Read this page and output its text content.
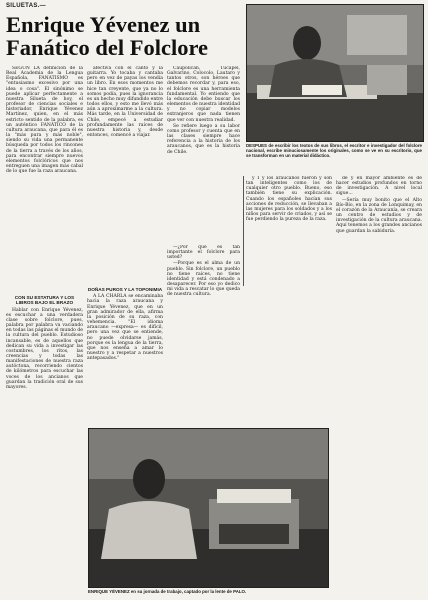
SILUETAS.—
Enrique Yévenez un Fanático del Folclore

SEGUN LA definición de la Real Academia de la Lengua Española, FANATISMO es "entusiasmo excesivo por una idea o cosa". El sinónimo se puede aplicar perfectamente a nuestra Silueta de hoy, el profesor de ciencias sociales e historiador, Enrique Yévenez Martínez, quien, en el más estricto sentido de la palabra, es un auténtico FANÁTICO de la cultura araucana, que para él es la "más pura y más noble", siendo su vida una permanente búsqueda por todos los rincones de la tierra a través de los años, para encontrar siempre nuevos elementos folclóricos que nos entreguen una imagen más cabal de lo que fue la raza araucana.

CON SU ESTATURA Y LOS LIBROS BAJO EL BRAZO

Hablar con Enrique Yévenez, es escuchar a una verdadera clase sobre folclore, pues, palabra por palabra va vaciando en todas las páginas el mundo de la cultura del pueblo. Estudioso incansable, es de aquellos que dedican su vida a investigar las costumbres, los ritos, las creencias y todas las manifestaciones de nuestra raza autóctona, recorriendo cientos de kilómetros para escuchar las voces de los ancianos que guardan la tradición oral de sus mayores.

afectiva con el canto y la guitarra. Yo tocaba y cantaba pero en vez de payas los vendía un libro. En esos momentos me hice tan creyente, que ya no lo somos podía, pues la ignorancia es un hecho muy difundido entre todos ellos, y esto me llevó más aún a aproximarme a la cultura. Más tarde, en la Universidad de Chile, empecé a estudiar profundamente las raíces de nuestra historia y, desde entonces, comencé a viajar.

DOÑAS PUROS Y LA TOPONIMIA

A LA CHARLA se encaminaba hacia la raza araucana y Enrique Yévenez, que en un gran admirador de ella, afirma la posición de su raza, con vehemencia. "El idioma araucano —expresa— es difícil, pero una vez que se entiende, no puede olvidarse jamás, porque es la lengua de la tierra, que nos enseña a amar lo nuestro y a respetar a nuestros antepasados."

Caupolicán, Tucapel, Galvarino, Colocolo, Lautaro y tantos otros, son héroes que debemos recordar y, para eso, el folclore es una herramienta fundamental. Yo entiendo que la educación debe buscar los elementos de nuestra identidad y no copiar modelos extranjeros que nada tienen que ver con nuestra realidad.

Se refiere luego a su labor como profesor y cuenta que en las clases siempre hace referencia a la historia de los araucanos, que es la historia de Chile.

—¿Por qué es tan importante el folclore para usted?

—Porque es el alma de un pueblo. Sin folclore, un pueblo no tiene raíces, no tiene identidad y está condenado a desaparecer. Por eso yo dedico mi vida a rescatar lo que queda de nuestra cultura.

DESPUES de escribir los textos de sus libros, el escritor e investigador del folclore nacional, escribe minuciosamente los originales, como se ve en su escritorio, que se transforman en un material didáctico.

y 1 y los araucanos fueron y son tan inteligentes como los de cualquier otro pueblo. Bueno, eso también tiene su explicación. Cuando los españoles hacían sus acciones de reducción, se llevaban a las mujeres para los soldados y a los niños para servir de criados, y así se fue perdiendo la pureza de la raza.

de y en mayor ambiente es de hacer estudios profundos en torno de investigación. A nivel local sigue...

—Sería muy bonito que el Alto Bío-Bío, en la zona de Lonquimay, en el corazón de la Araucanía, se creara un centro de estudios y de investigación de la cultura araucana. Aquí tenemos a los grandes ancianos que guardan la sabiduría.

ENRIQUE YÉVENEZ en su jornada de trabajo, captado por la lente de PALO.
